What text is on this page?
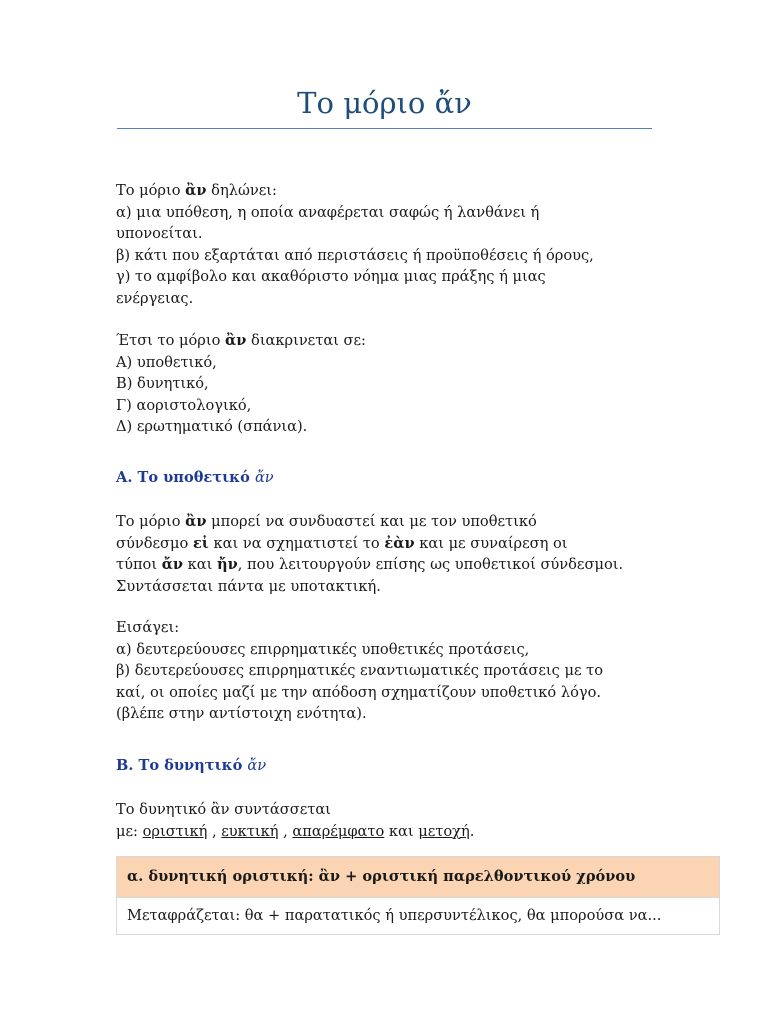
Το μόριο ἄν

Το μόριο ἂν δηλώνει:

α) μια υπόθεση, η οποία αναφέρεται σαφώς ή λανθάνει ή

υπονοείται.

β) κάτι που εξαρτάται από περιστάσεις ή προϋποθέσεις ή όρους,

γ) το αμφίβολο και ακαθόριστο νόημα μιας πράξης ή μιας

ενέργειας.

Έτσι το μόριο ἂν διακρινεται σε:

Α) υποθετικό,

Β) δυνητικό,

Γ) αοριστολογικό,

Δ) ερωτηματικό (σπάνια).

Α. Το υποθετικό ἄν

Το μόριο ἂν μπορεί να συνδυαστεί και με τον υποθετικό

σύνδεσμο εἰ και να σχηματιστεί το ἐὰν και με συναίρεση οι

τύποι ἄν και ἤν, που λειτουργούν επίσης ως υποθετικοί σύνδεσμοι.

Συντάσσεται πάντα με υποτακτική.

Εισάγει:

α) δευτερεύουσες επιρρηματικές υποθετικές προτάσεις,

β) δευτερεύουσες επιρρηματικές εναντιωματικές προτάσεις με το

καί, οι οποίες μαζί με την απόδοση σχηματίζουν υποθετικό λόγο.

(βλέπε στην αντίστοιχη ενότητα).

Β. Το δυνητικό ἄν

Το δυνητικό ἂν συντάσσεται

με: οριστική , ευκτική , απαρέμφατο και μετοχή.

α. δυνητική οριστική: ἂν + οριστική παρελθοντικού χρόνου
Μεταφράζεται: θα + παρατατικός ή υπερσυντέλικος, θα μπορούσα να...
